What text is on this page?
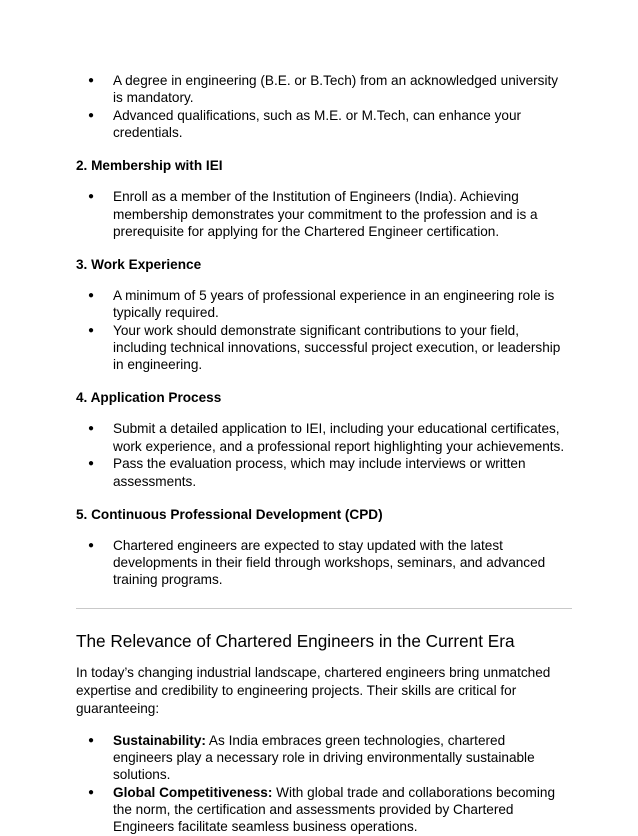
● A degree in engineering (B.E. or B.Tech) from an acknowledged university is mandatory.
● Advanced qualifications, such as M.E. or M.Tech, can enhance your credentials.
2. Membership with IEI
● Enroll as a member of the Institution of Engineers (India). Achieving membership demonstrates your commitment to the profession and is a prerequisite for applying for the Chartered Engineer certification.
3. Work Experience
● A minimum of 5 years of professional experience in an engineering role is typically required.
● Your work should demonstrate significant contributions to your field, including technical innovations, successful project execution, or leadership in engineering.
4. Application Process
● Submit a detailed application to IEI, including your educational certificates, work experience, and a professional report highlighting your achievements.
● Pass the evaluation process, which may include interviews or written assessments.
5. Continuous Professional Development (CPD)
● Chartered engineers are expected to stay updated with the latest developments in their field through workshops, seminars, and advanced training programs.
The Relevance of Chartered Engineers in the Current Era

In today’s changing industrial landscape, chartered engineers bring unmatched expertise and credibility to engineering projects. Their skills are critical for guaranteeing:

● Sustainability: As India embraces green technologies, chartered engineers play a necessary role in driving environmentally sustainable solutions.
● Global Competitiveness: With global trade and collaborations becoming the norm, the certification and assessments provided by Chartered Engineers facilitate seamless business operations.
